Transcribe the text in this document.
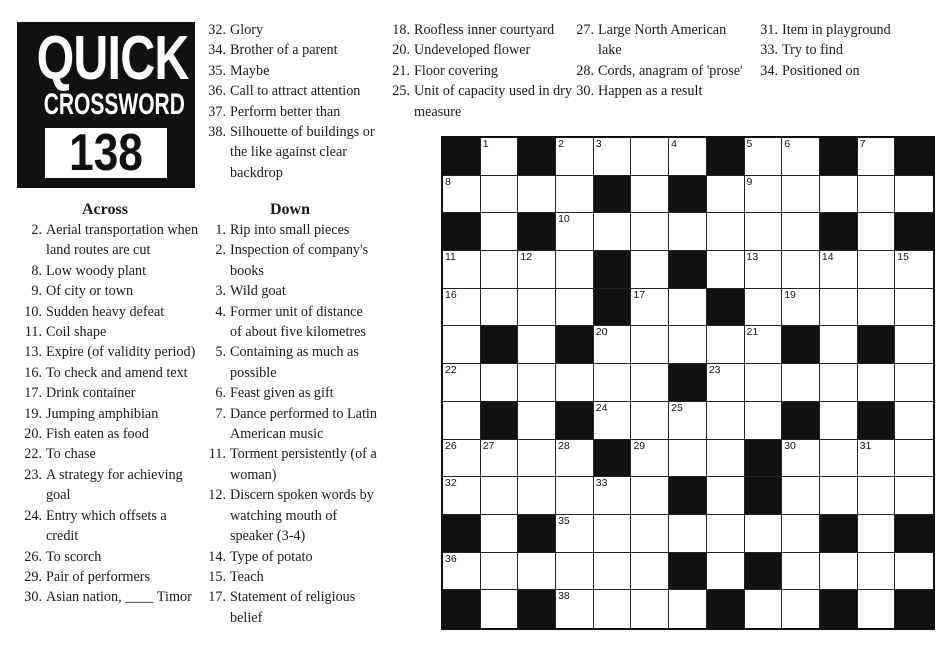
QUICK
CROSSWORD
138
Across
2. Aerial transportation when land routes are cut
8. Low woody plant
9. Of city or town
10. Sudden heavy defeat
11. Coil shape
13. Expire (of validity period)
16. To check and amend text
17. Drink container
19. Jumping amphibian
20. Fish eaten as food
22. To chase
23. A strategy for achieving goal
24. Entry which offsets a credit
26. To scorch
29. Pair of performers
30. Asian nation, ____ Timor
32. Glory
34. Brother of a parent
35. Maybe
36. Call to attract attention
37. Perform better than
38. Silhouette of buildings or the like against clear backdrop
Down
1. Rip into small pieces
2. Inspection of company's books
3. Wild goat
4. Former unit of distance of about five kilometres
5. Containing as much as possible
6. Feast given as gift
7. Dance performed to Latin American music
11. Torment persistently (of a woman)
12. Discern spoken words by watching mouth of speaker (3-4)
14. Type of potato
15. Teach
17. Statement of religious belief
18. Roofless inner courtyard
20. Undeveloped flower
21. Floor covering
25. Unit of capacity used in dry measure
27. Large North American lake
28. Cords, anagram of 'prose'
30. Happen as a result
31. Item in playground
33. Try to find
34. Positioned on
1	2	3	4	5	6	7
8	9
10
11	12	13	14	15
16	17	18	19
20	21
22	23
24	25
26 27	28	29	30	31
32	33	34
35
36	37
38
